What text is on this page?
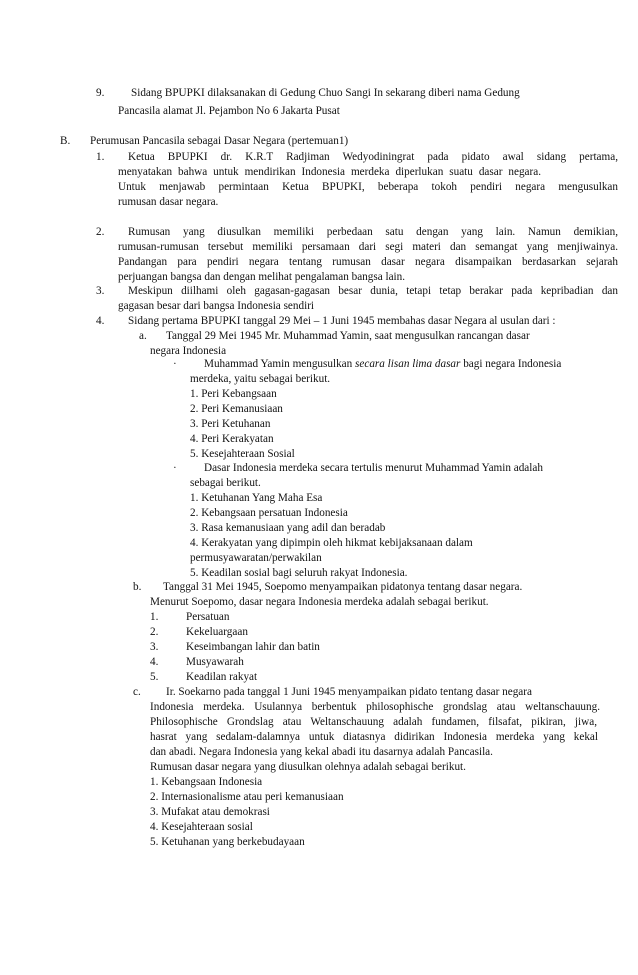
9. Sidang BPUPKI dilaksanakan di Gedung Chuo Sangi In sekarang diberi nama Gedung
Pancasila alamat Jl. Pejambon No 6 Jakarta Pusat
B. Perumusan Pancasila sebagai Dasar Negara (pertemuan1)
1. Ketua BPUPKI dr. K.R.T Radjiman Wedyodiningrat pada pidato awal sidang pertama,
menyatakan bahwa untuk mendirikan Indonesia merdeka diperlukan suatu dasar negara.
Untuk menjawab permintaan Ketua BPUPKI, beberapa tokoh pendiri negara mengusulkan
rumusan dasar negara.
2. Rumusan yang diusulkan memiliki perbedaan satu dengan yang lain. Namun demikian,
rumusan-rumusan tersebut memiliki persamaan dari segi materi dan semangat yang menjiwainya.
Pandangan para pendiri negara tentang rumusan dasar negara disampaikan berdasarkan sejarah
perjuangan bangsa dan dengan melihat pengalaman bangsa lain.
3. Meskipun diilhami oleh gagasan-gagasan besar dunia, tetapi tetap berakar pada kepribadian dan
gagasan besar dari bangsa Indonesia sendiri
4. Sidang pertama BPUPKI tanggal 29 Mei – 1 Juni 1945 membahas dasar Negara al usulan dari :
a. Tanggal 29 Mei 1945 Mr. Muhammad Yamin, saat mengusulkan rancangan dasar
negara Indonesia
· Muhammad Yamin mengusulkan secara lisan lima dasar bagi negara Indonesia
merdeka, yaitu sebagai berikut.
1. Peri Kebangsaan
2. Peri Kemanusiaan
3. Peri Ketuhanan
4. Peri Kerakyatan
5. Kesejahteraan Sosial
· Dasar Indonesia merdeka secara tertulis menurut Muhammad Yamin adalah
sebagai berikut.
1. Ketuhanan Yang Maha Esa
2. Kebangsaan persatuan Indonesia
3. Rasa kemanusiaan yang adil dan beradab
4. Kerakyatan yang dipimpin oleh hikmat kebijaksanaan dalam
permusyawaratan/perwakilan
5. Keadilan sosial bagi seluruh rakyat Indonesia.
b. Tanggal 31 Mei 1945, Soepomo menyampaikan pidatonya tentang dasar negara.
Menurut Soepomo, dasar negara Indonesia merdeka adalah sebagai berikut.
1. Persatuan
2. Kekeluargaan
3. Keseimbangan lahir dan batin
4. Musyawarah
5. Keadilan rakyat
c. Ir. Soekarno pada tanggal 1 Juni 1945 menyampaikan pidato tentang dasar negara
Indonesia merdeka. Usulannya berbentuk philosophische grondslag atau weltanschauung.
Philosophische Grondslag atau Weltanschauung adalah fundamen, filsafat, pikiran, jiwa,
hasrat yang sedalam-dalamnya untuk diatasnya didirikan Indonesia merdeka yang kekal
dan abadi. Negara Indonesia yang kekal abadi itu dasarnya adalah Pancasila.
Rumusan dasar negara yang diusulkan olehnya adalah sebagai berikut.
1. Kebangsaan Indonesia
2. Internasionalisme atau peri kemanusiaan
3. Mufakat atau demokrasi
4. Kesejahteraan sosial
5. Ketuhanan yang berkebudayaan
